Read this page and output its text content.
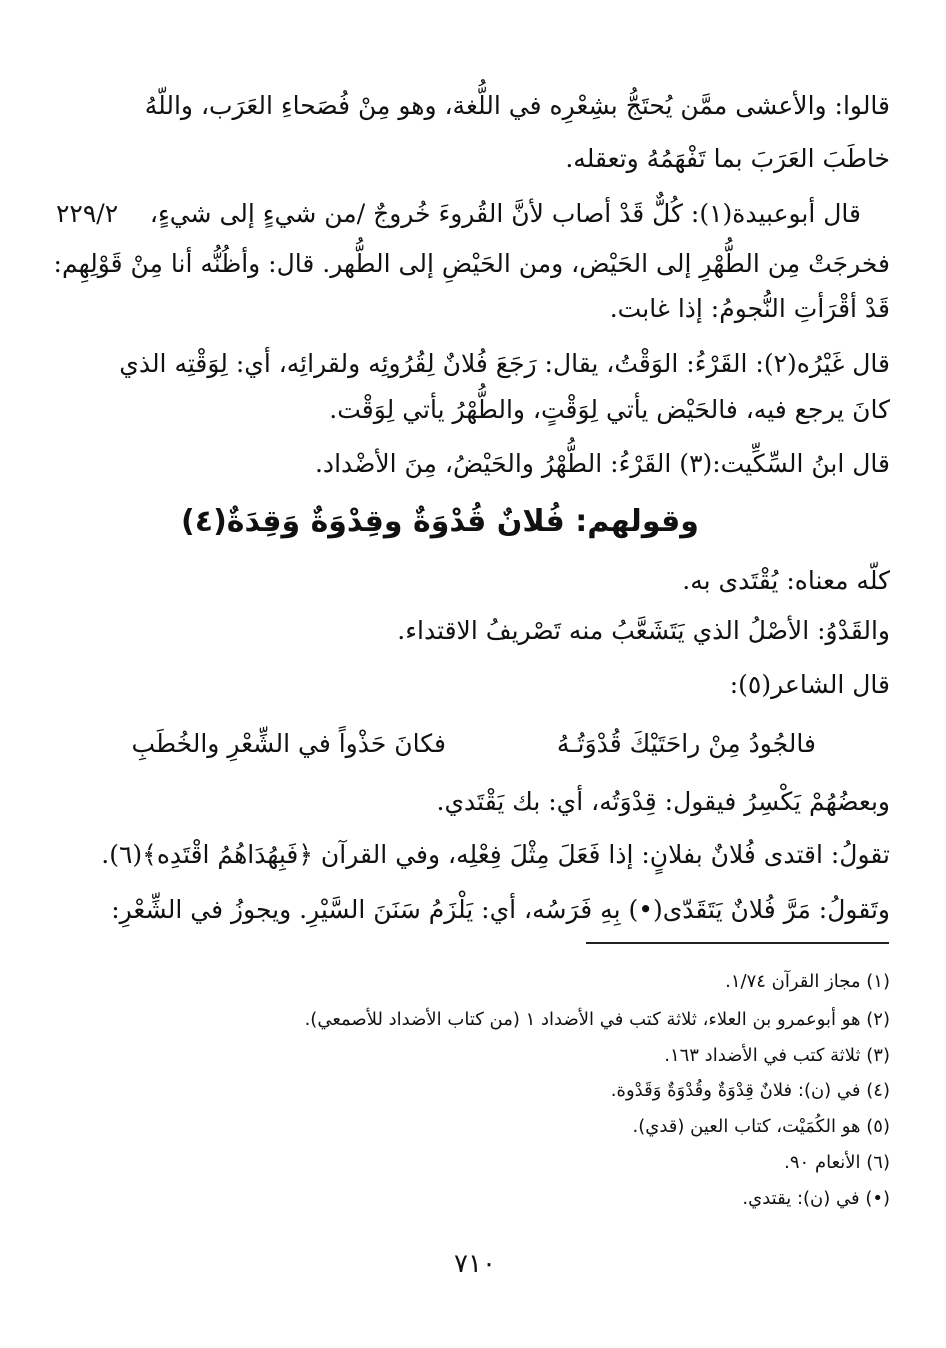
٢٢٩/٢
قالوا: والأعشى ممَّن يُحتَجُّ بشِعْرِه في اللُّغة، وهو مِنْ فُصَحاءِ العَرَب، واللّهُ
خاطَبَ العَرَبَ بما تَفْهَمُهُ وتعقله.
قال أبوعبيدة(١): كُلٌّ قَدْ أصاب لأنَّ القُروءَ خُروجٌ /من شيءٍ إلى شيءٍ،
فخرجَتْ مِن الطُّهْرِ إلى الحَيْض، ومن الحَيْضِ إلى الطُّهر. قال: وأظُنُّه أنا مِنْ قَوْلِهِم:
قَدْ أقْرَأتِ النُّجومُ: إذا غابت.
قال غَيْرُه(٢): القَرْءُ: الوَقْتُ، يقال: رَجَعَ فُلانٌ لِقُرُوئِه ولقرائِه، أي: لِوَقْتِه الذي
كانَ يرجع فيه، فالحَيْض يأتي لِوَقْتٍ، والطُّهْرُ يأتي لِوَقْت.
قال ابنُ السِّكِّيت:(٣) القَرْءُ: الطُّهْرُ والحَيْضُ، مِنَ الأضْداد.
وقولهم: فُلانٌ قُدْوَةٌ وقِدْوَةٌ وَقِدَةٌ(٤)
كلّه معناه: يُقْتَدى به.
والقَدْوُ: الأصْلُ الذي يَتَشَعَّبُ منه تَصْريفُ الاقتداء.
قال الشاعر(٥):
فالجُودُ مِنْ راحَتَيْكَ قُدْوَتُـهُ
فكانَ حَذْواً في الشِّعْرِ والخُطَبِ
وبعضُهُمْ يَكْسِرُ فيقول: قِدْوَتُه، أي: بك يَقْتَدي.
تقولُ: اقتدى فُلانٌ بفلانٍ: إذا فَعَلَ مِثْلَ فِعْلِه، وفي القرآن ﴿فَبِهُدَاهُمُ اقْتَدِه﴾(٦).
وتَقولُ: مَرَّ فُلانٌ يَتَقَدّى(•) بِهِ فَرَسُه، أي: يَلْزَمُ سَنَنَ السَّيْرِ. ويجوزُ في الشِّعْرِ:
(١) مجاز القرآن ١/٧٤.
(٢) هو أبوعمرو بن العلاء، ثلاثة كتب في الأضداد ١ (من كتاب الأضداد للأصمعي).
(٣) ثلاثة كتب في الأضداد ١٦٣.
(٤) في (ن): فلانٌ قِدْوَةٌ وقُدْوَةٌ وَقَدْوة.
(٥) هو الكُمَيْت، كتاب العين (قدي).
(٦) الأنعام ٩٠.
(•) في (ن): يقتدي.
٧١٠
